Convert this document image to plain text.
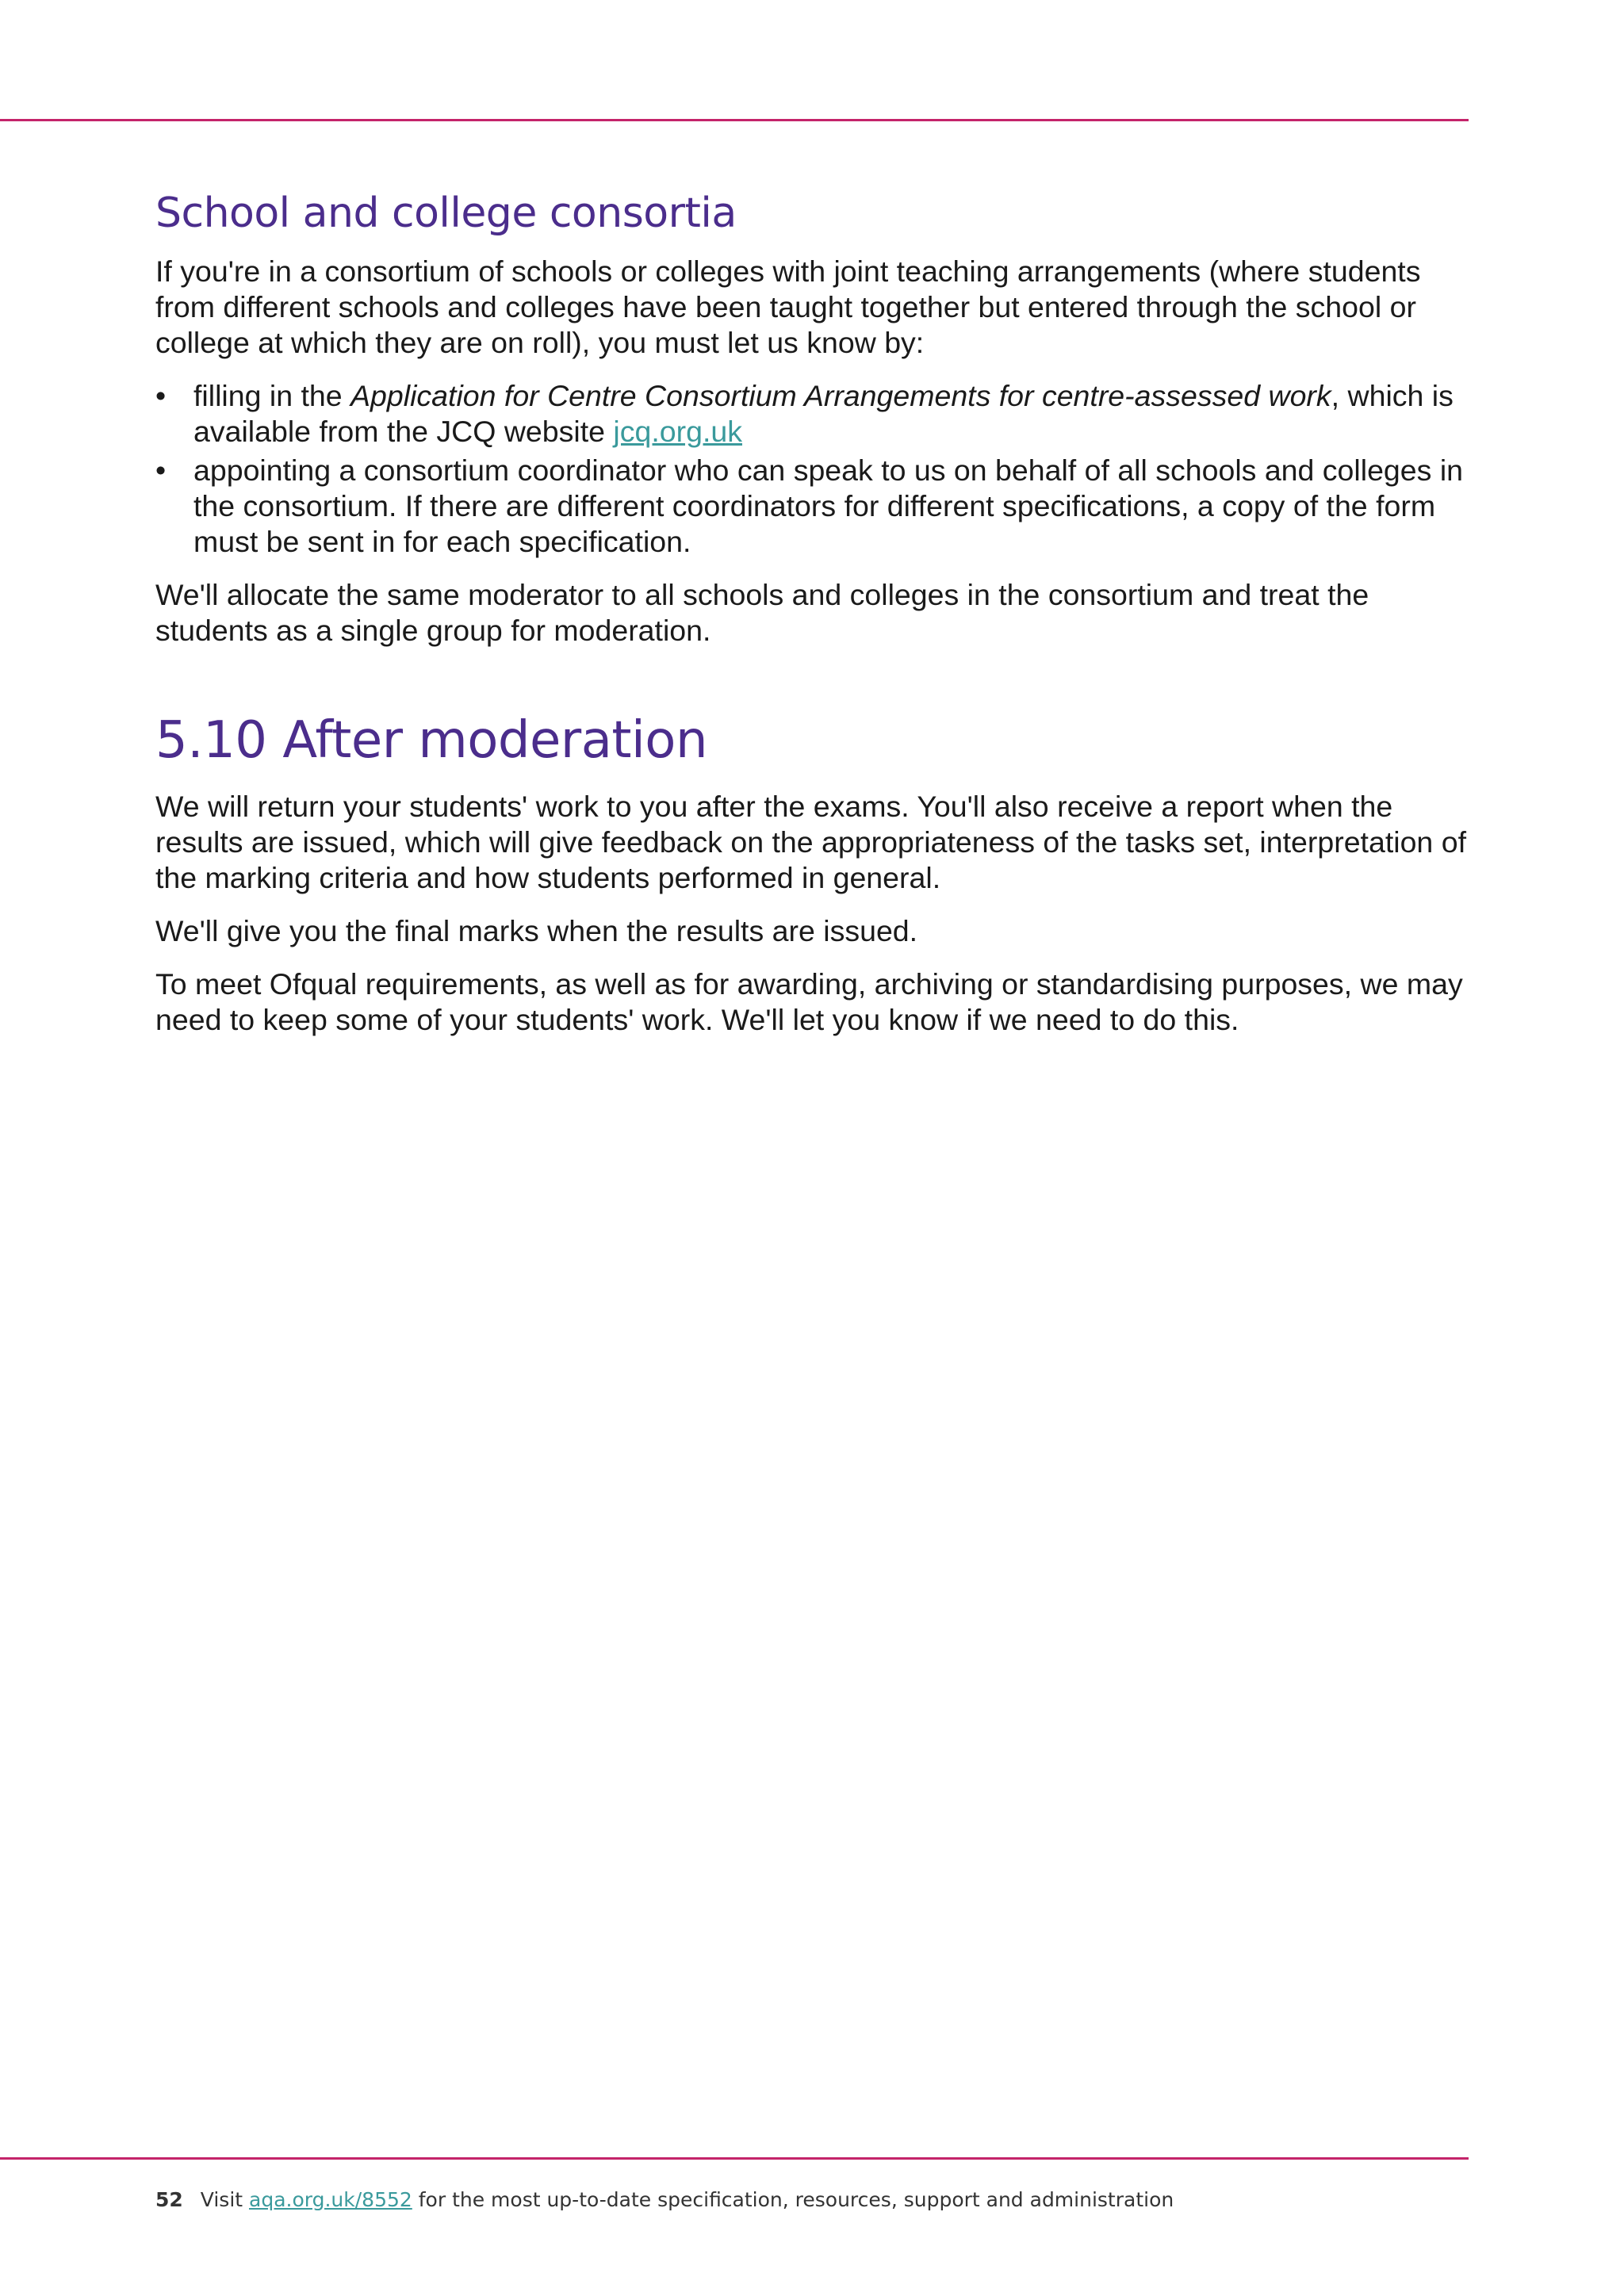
School and college consortia

If you're in a consortium of schools or colleges with joint teaching arrangements (where students from different schools and colleges have been taught together but entered through the school or college at which they are on roll), you must let us know by:

• filling in the Application for Centre Consortium Arrangements for centre-assessed work, which is available from the JCQ website jcq.org.uk
• appointing a consortium coordinator who can speak to us on behalf of all schools and colleges in the consortium. If there are different coordinators for different specifications, a copy of the form must be sent in for each specification.

We'll allocate the same moderator to all schools and colleges in the consortium and treat the students as a single group for moderation.

5.10 After moderation

We will return your students' work to you after the exams. You'll also receive a report when the results are issued, which will give feedback on the appropriateness of the tasks set, interpretation of the marking criteria and how students performed in general.

We'll give you the final marks when the results are issued.

To meet Ofqual requirements, as well as for awarding, archiving or standardising purposes, we may need to keep some of your students' work. We'll let you know if we need to do this.

52 Visit aqa.org.uk/8552 for the most up-to-date specification, resources, support and administration
